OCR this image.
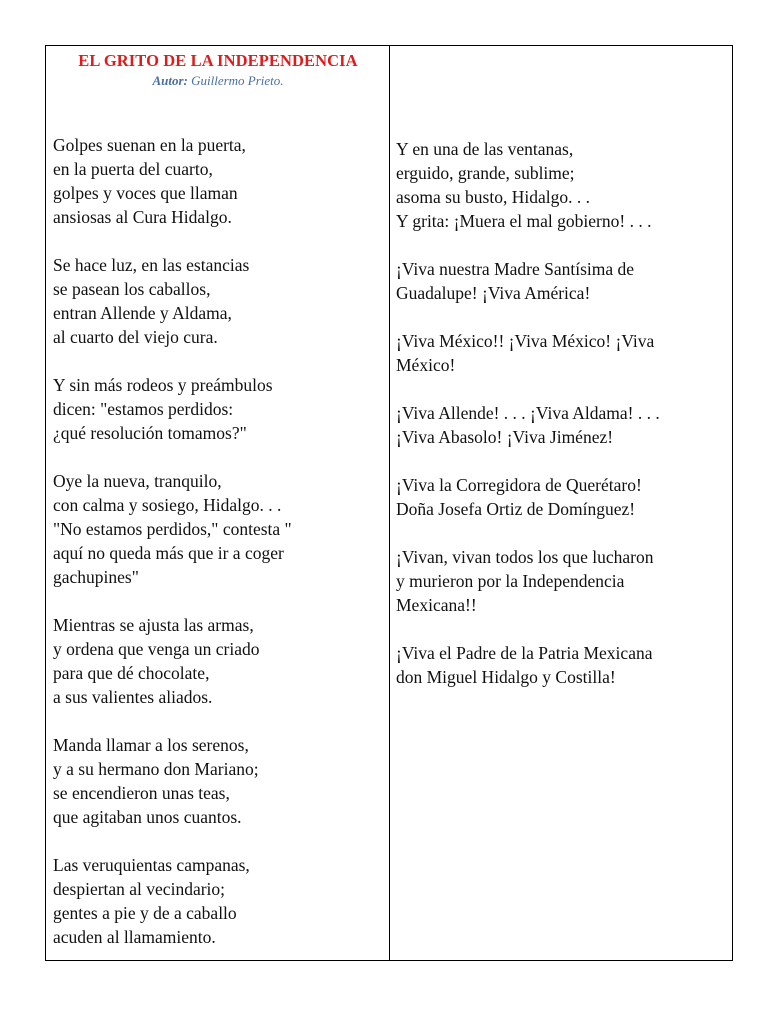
EL GRITO DE LA INDEPENDENCIA
Autor: Guillermo Prieto.
Golpes suenan en la puerta,
en la puerta del cuarto,
golpes y voces que llaman
ansiosas al Cura Hidalgo.
Se hace luz, en las estancias
se pasean los caballos,
entran Allende y Aldama,
al cuarto del viejo cura.
Y sin más rodeos y preámbulos
dicen: "estamos perdidos:
¿qué resolución tomamos?"
Oye la nueva, tranquilo,
con calma y sosiego, Hidalgo. . .
"No estamos perdidos," contesta "
aquí no queda más que ir a coger
gachupines"
Mientras se ajusta las armas,
y ordena que venga un criado
para que dé chocolate,
a sus valientes aliados.
Manda llamar a los serenos,
y a su hermano don Mariano;
se encendieron unas teas,
que agitaban unos cuantos.
Las veruquientas campanas,
despiertan al vecindario;
gentes a pie y de a caballo
acuden al llamamiento.
Y en una de las ventanas,
erguido, grande, sublime;
asoma su busto, Hidalgo. . .
Y grita: ¡Muera el mal gobierno! . . .
¡Viva nuestra Madre Santísima de
Guadalupe! ¡Viva América!
¡Viva México!! ¡Viva México! ¡Viva
México!
¡Viva Allende! . . . ¡Viva Aldama! . . .
¡Viva Abasolo! ¡Viva Jiménez!
¡Viva la Corregidora de Querétaro!
Doña Josefa Ortiz de Domínguez!
¡Vivan, vivan todos los que lucharon
y murieron por la Independencia
Mexicana!!
¡Viva el Padre de la Patria Mexicana
don Miguel Hidalgo y Costilla!
